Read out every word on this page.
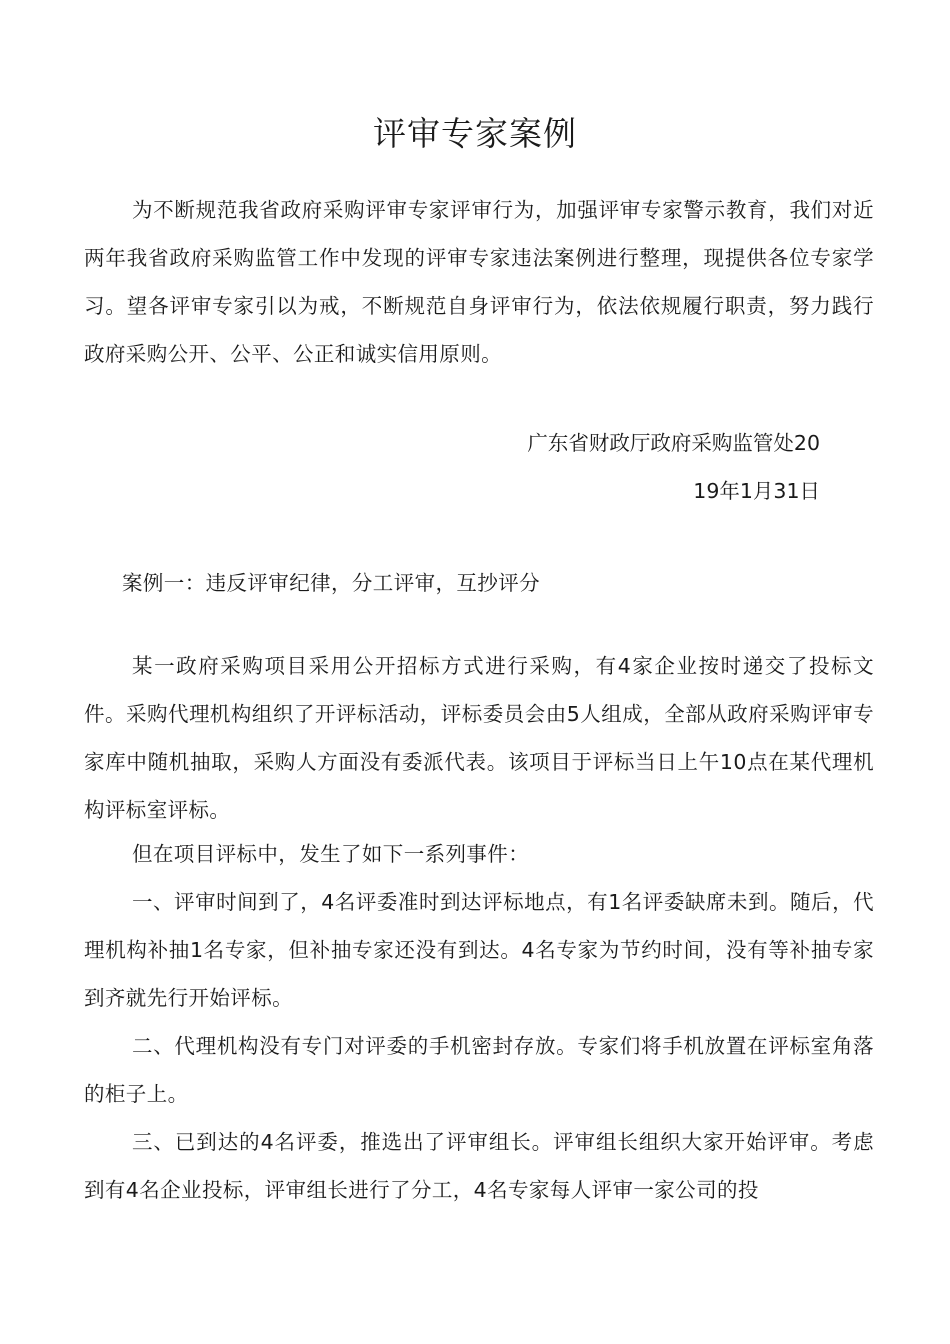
评审专家案例

为不断规范我省政府采购评审专家评审行为，加强评审专家警示教育，我们对近两年我省政府采购监管工作中发现的评审专家违法案例进行整理，现提供各位专家学习。望各评审专家引以为戒，不断规范自身评审行为，依法依规履行职责，努力践行政府采购公开、公平、公正和诚实信用原则。

广东省财政厅政府采购监管处20

19年1月31日

案例一：违反评审纪律，分工评审，互抄评分

某一政府采购项目采用公开招标方式进行采购，有4家企业按时递交了投标文件。采购代理机构组织了开评标活动，评标委员会由5人组成，全部从政府采购评审专家库中随机抽取，采购人方面没有委派代表。该项目于评标当日上午10点在某代理机构评标室评标。

但在项目评标中，发生了如下一系列事件：

一、评审时间到了，4名评委准时到达评标地点，有1名评委缺席未到。随后，代理机构补抽1名专家，但补抽专家还没有到达。4名专家为节约时间，没有等补抽专家到齐就先行开始评标。

二、代理机构没有专门对评委的手机密封存放。专家们将手机放置在评标室角落的柜子上。

三、已到达的4名评委，推选出了评审组长。评审组长组织大家开始评审。考虑到有4名企业投标，评审组长进行了分工，4名专家每人评审一家公司的投
